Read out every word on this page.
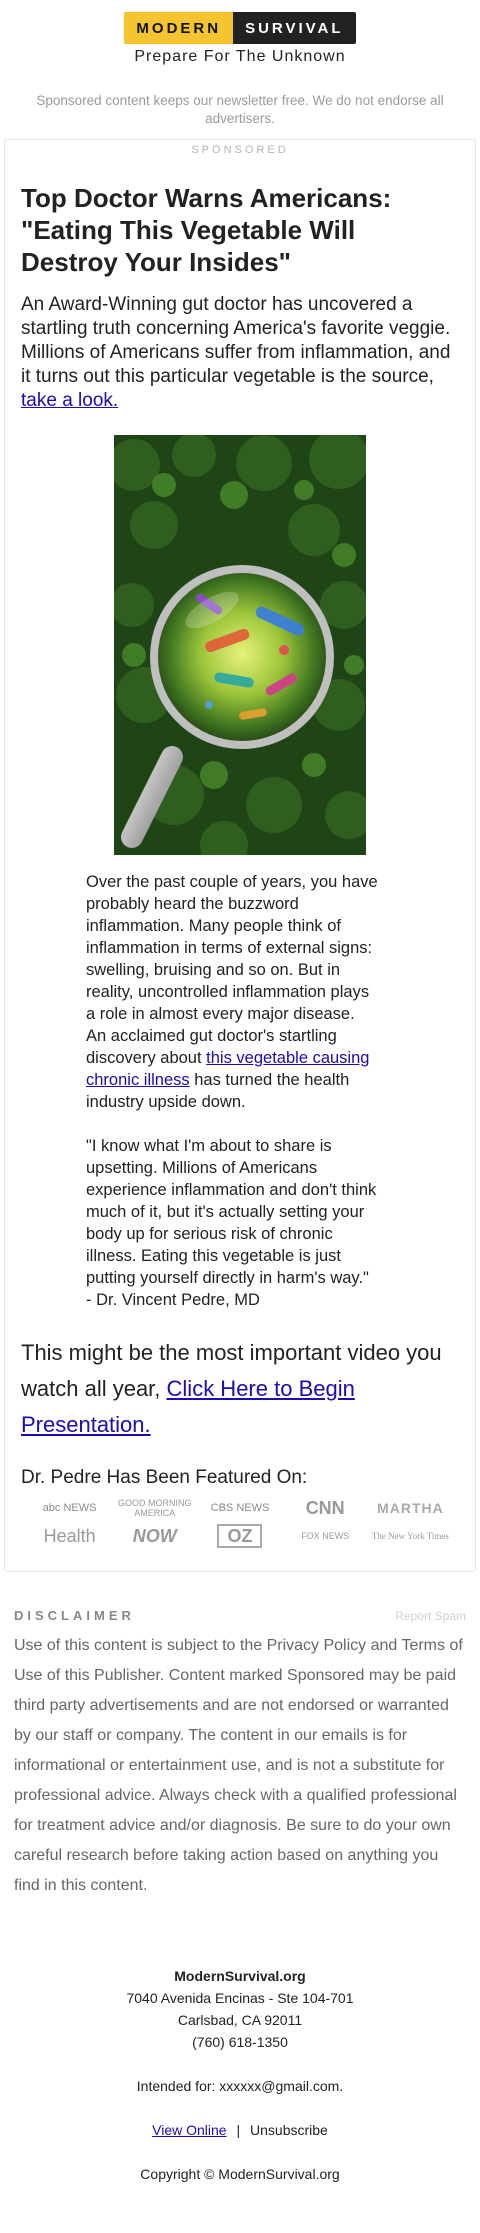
MODERN	SURVIVAL
Prepare For The Unknown
Sponsored content keeps our newsletter free. We do not endorse all advertisers.
SPONSORED
Top Doctor Warns Americans: "Eating This Vegetable Will Destroy Your Insides"
An Award-Winning gut doctor has uncovered a startling truth concerning America's favorite veggie. Millions of Americans suffer from inflammation, and it turns out this particular vegetable is the source, take a look.

Over the past couple of years, you have probably heard the buzzword inflammation. Many people think of inflammation in terms of external signs: swelling, bruising and so on. But in reality, uncontrolled inflammation plays a role in almost every major disease. An acclaimed gut doctor's startling discovery about this vegetable causing chronic illness has turned the health industry upside down.

"I know what I'm about to share is upsetting. Millions of Americans experience inflammation and don't think much of it, but it's actually setting your body up for serious risk of chronic illness. Eating this vegetable is just putting yourself directly in harm's way." - Dr. Vincent Pedre, MD

This might be the most important video you watch all year, Click Here to Begin Presentation.
Dr. Pedre Has Been Featured On:
abc NEWS	GOOD MORNING AMERICA	CBS NEWS CNN MARTHA
Health NOW	OZ	FOX NEWS	The New York Times
DISCLAIMER	Report Spam
Use of this content is subject to the Privacy Policy and Terms of Use of this Publisher. Content marked Sponsored may be paid third party advertisements and are not endorsed or warranted by our staff or company. The content in our emails is for informational or entertainment use, and is not a substitute for professional advice. Always check with a qualified professional for treatment advice and/or diagnosis. Be sure to do your own careful research before taking action based on anything you find in this content.
ModernSurvival.org
7040 Avenida Encinas - Ste 104-701
Carlsbad, CA 92011
(760) 618-1350
Intended for: xxxxxx@gmail.com.
View Online | Unsubscribe
Copyright © ModernSurvival.org
